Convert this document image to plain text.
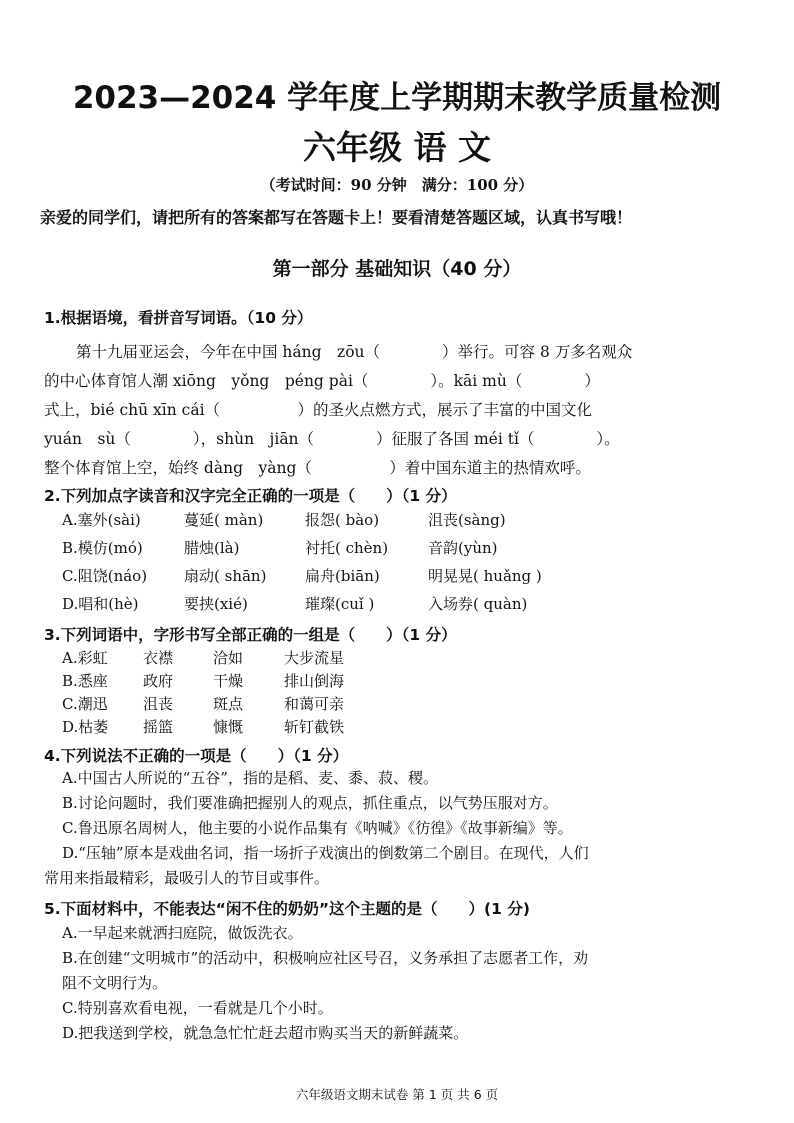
2023—2024 学年度上学期期末教学质量检测
六年级 语 文
（考试时间：90 分钟　满分：100 分）
亲爱的同学们，请把所有的答案都写在答题卡上！要看清楚答题区域，认真书写哦！
第一部分 基础知识（40 分）
1.根据语境，看拼音写词语。（10 分）
第十九届亚运会，今年在中国 háng　zōu（　　　　）举行。可容 8 万多名观众
的中心体育馆人潮 xiōng　yǒng　péng pài（　　　　）。kāi mù（　　　　）
式上，bié chū xīn cái（　　　　　）的圣火点燃方式，展示了丰富的中国文化
yuán　sù（　　　　），shùn　jiān（　　　　）征服了各国 méi tǐ（　　　　）。
整个体育馆上空，始终 dàng　yàng（　　　　　）着中国东道主的热情欢呼。
2.下列加点字读音和汉字完全正确的一项是（　　）（1 分）
A.塞外(sài)	蔓延( màn)	报怨( bào)	沮丧(sàng)
B.模仿(mó)	腊烛(là)	衬托( chèn)	音韵(yùn)
C.阻饶(náo) 扇动( shān)	扁舟(biān)	明晃晃( huǎng )
D.唱和(hè)	要挟(xié)	璀璨(cuǐ )	入场券( quàn)
3.下列词语中，字形书写全部正确的一组是（　　）（1 分）
A.彩虹 衣襟	洽如	大步流星
B.悉座 政府	干燥	排山倒海
C.潮迅 沮丧	斑点	和蔼可亲
D.枯萎 摇篮	慷慨	斩钉截铁
4.下列说法不正确的一项是（　　）（1 分）
A.中国古人所说的“五谷”，指的是稻、麦、黍、菽、稷。
B.讨论问题时，我们要准确把握别人的观点，抓住重点，以气势压服对方。
C.鲁迅原名周树人，他主要的小说作品集有《呐喊》《彷徨》《故事新编》等。
D.“压轴”原本是戏曲名词，指一场折子戏演出的倒数第二个剧目。在现代，人们
常用来指最精彩，最吸引人的节目或事件。
5.下面材料中，不能表达“闲不住的奶奶”这个主题的是（　　）(1 分)
A.一早起来就洒扫庭院，做饭洗衣。
B.在创建“文明城市”的活动中，积极响应社区号召，义务承担了志愿者工作，劝
阻不文明行为。
C.特别喜欢看电视，一看就是几个小时。
D.把我送到学校，就急急忙忙赶去超市购买当天的新鲜蔬菜。
六年级语文期末试卷 第 1 页 共 6 页
